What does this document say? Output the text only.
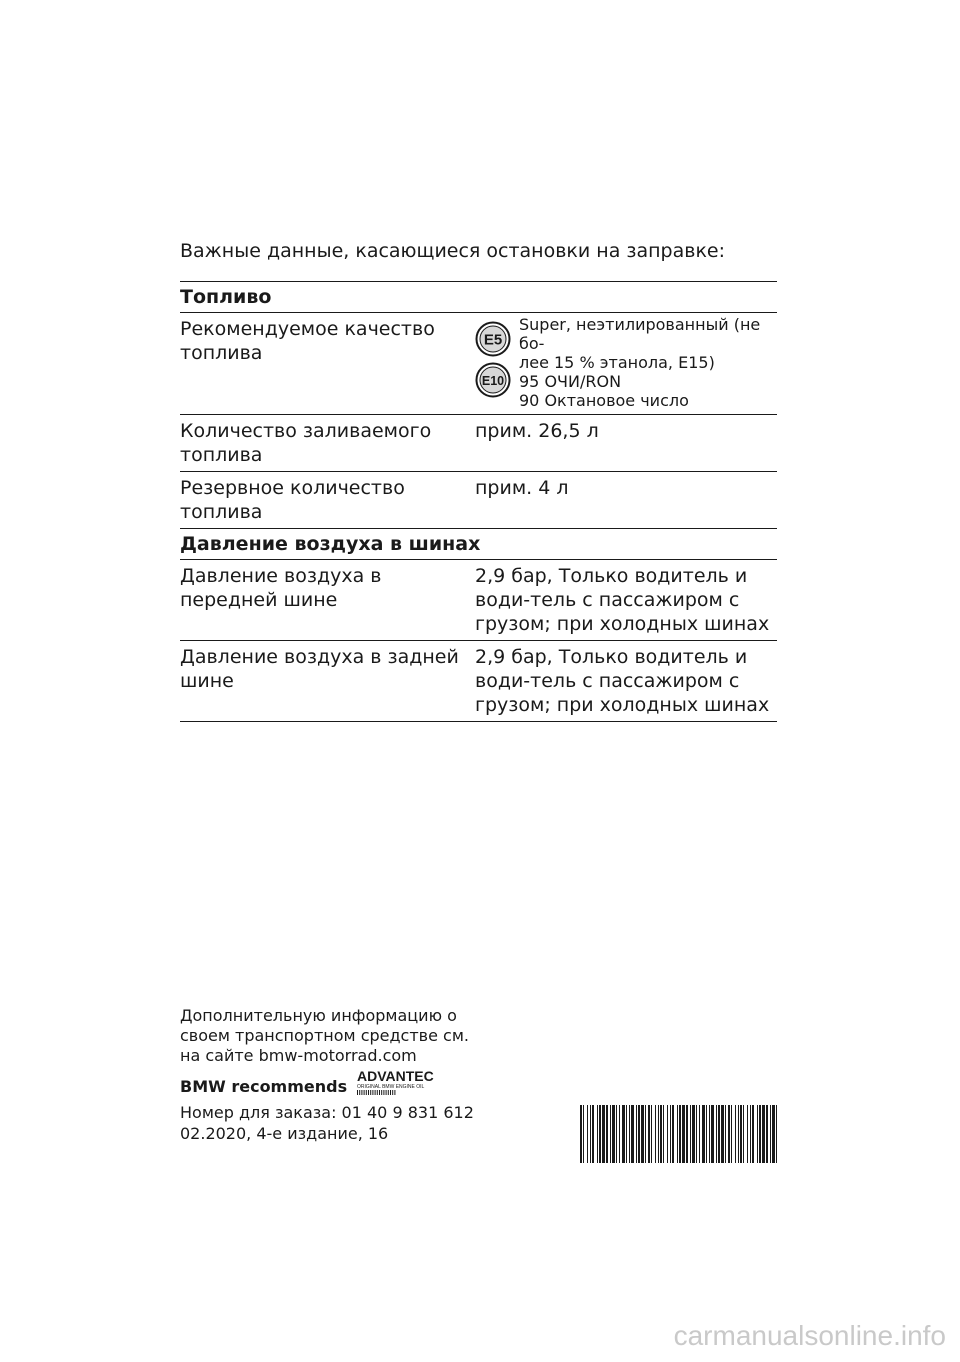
Важные данные, касающиеся остановки на заправке:
Топливо
Рекомендуемое качество топлива
E5
E10
Super, неэтилированный (не бо-
лее 15 % этанола, E15)
95 ОЧИ/RON
90 Октановое число
Количество заливаемого топлива
прим. 26,5 л
Резервное количество топлива
прим. 4 л
Давление воздуха в шинах
Давление воздуха в передней шине
2,9 бар, Только водитель и води-тель с пассажиром с грузом; при холодных шинах
Давление воздуха в задней шине
2,9 бар, Только водитель и води-тель с пассажиром с грузом; при холодных шинах
Дополнительную информацию о своем транспортном средстве см. на сайте bmw-motorrad.com
BMW recommends
ADVANTEC
ORIGINAL BMW ENGINE OIL
Номер для заказа: 01 40 9 831 612
02.2020, 4-е издание, 16
carmanualsonline.info
